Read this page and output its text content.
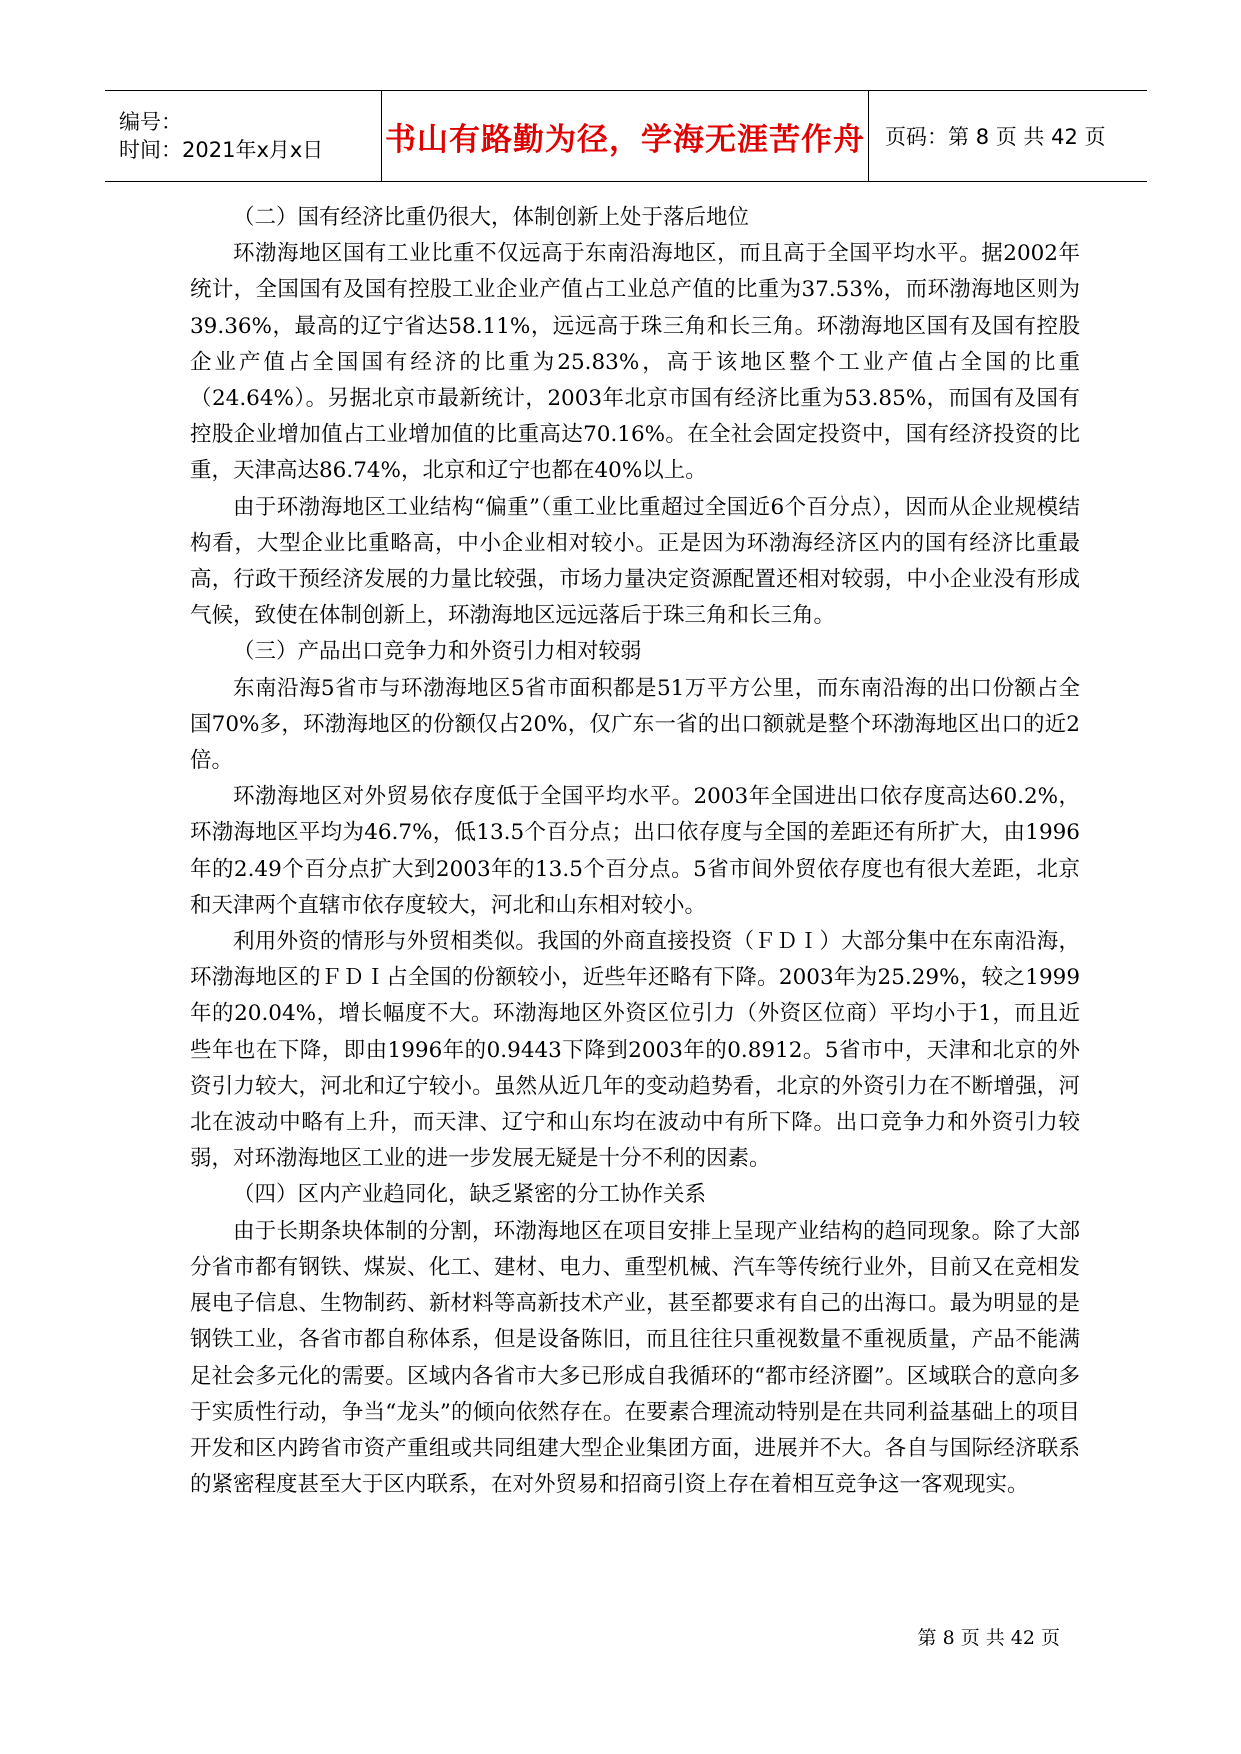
编号：
时间：2021年x月x日	书山有路勤为径，学海无涯苦作舟	页码：第 8 页 共 42 页

（二）国有经济比重仍很大，体制创新上处于落后地位

环渤海地区国有工业比重不仅远高于东南沿海地区，而且高于全国平均水平。据2002年统计，全国国有及国有控股工业企业产值占工业总产值的比重为37.53%，而环渤海地区则为39.36%，最高的辽宁省达58.11%，远远高于珠三角和长三角。环渤海地区国有及国有控股企业产值占全国国有经济的比重为25.83%，高于该地区整个工业产值占全国的比重（24.64%）。另据北京市最新统计，2003年北京市国有经济比重为53.85%，而国有及国有控股企业增加值占工业增加值的比重高达70.16%。在全社会固定投资中，国有经济投资的比重，天津高达86.74%，北京和辽宁也都在40%以上。

由于环渤海地区工业结构“偏重”（重工业比重超过全国近6个百分点），因而从企业规模结构看，大型企业比重略高，中小企业相对较小。正是因为环渤海经济区内的国有经济比重最高，行政干预经济发展的力量比较强，市场力量决定资源配置还相对较弱，中小企业没有形成气候，致使在体制创新上，环渤海地区远远落后于珠三角和长三角。

（三）产品出口竞争力和外资引力相对较弱

东南沿海5省市与环渤海地区5省市面积都是51万平方公里，而东南沿海的出口份额占全国70%多，环渤海地区的份额仅占20%，仅广东一省的出口额就是整个环渤海地区出口的近2倍。

环渤海地区对外贸易依存度低于全国平均水平。2003年全国进出口依存度高达60.2%，环渤海地区平均为46.7%，低13.5个百分点；出口依存度与全国的差距还有所扩大，由1996年的2.49个百分点扩大到2003年的13.5个百分点。5省市间外贸依存度也有很大差距，北京和天津两个直辖市依存度较大，河北和山东相对较小。

利用外资的情形与外贸相类似。我国的外商直接投资（ＦＤＩ）大部分集中在东南沿海，环渤海地区的ＦＤＩ占全国的份额较小，近些年还略有下降。2003年为25.29%，较之1999年的20.04%，增长幅度不大。环渤海地区外资区位引力（外资区位商）平均小于1，而且近些年也在下降，即由1996年的0.9443下降到2003年的0.8912。5省市中，天津和北京的外资引力较大，河北和辽宁较小。虽然从近几年的变动趋势看，北京的外资引力在不断增强，河北在波动中略有上升，而天津、辽宁和山东均在波动中有所下降。出口竞争力和外资引力较弱，对环渤海地区工业的进一步发展无疑是十分不利的因素。

（四）区内产业趋同化，缺乏紧密的分工协作关系

由于长期条块体制的分割，环渤海地区在项目安排上呈现产业结构的趋同现象。除了大部分省市都有钢铁、煤炭、化工、建材、电力、重型机械、汽车等传统行业外，目前又在竞相发展电子信息、生物制药、新材料等高新技术产业，甚至都要求有自己的出海口。最为明显的是钢铁工业，各省市都自称体系，但是设备陈旧，而且往往只重视数量不重视质量，产品不能满足社会多元化的需要。区域内各省市大多已形成自我循环的“都市经济圈”。区域联合的意向多于实质性行动，争当“龙头”的倾向依然存在。在要素合理流动特别是在共同利益基础上的项目开发和区内跨省市资产重组或共同组建大型企业集团方面，进展并不大。各自与国际经济联系的紧密程度甚至大于区内联系，在对外贸易和招商引资上存在着相互竞争这一客观现实。

第 8 页 共 42 页
